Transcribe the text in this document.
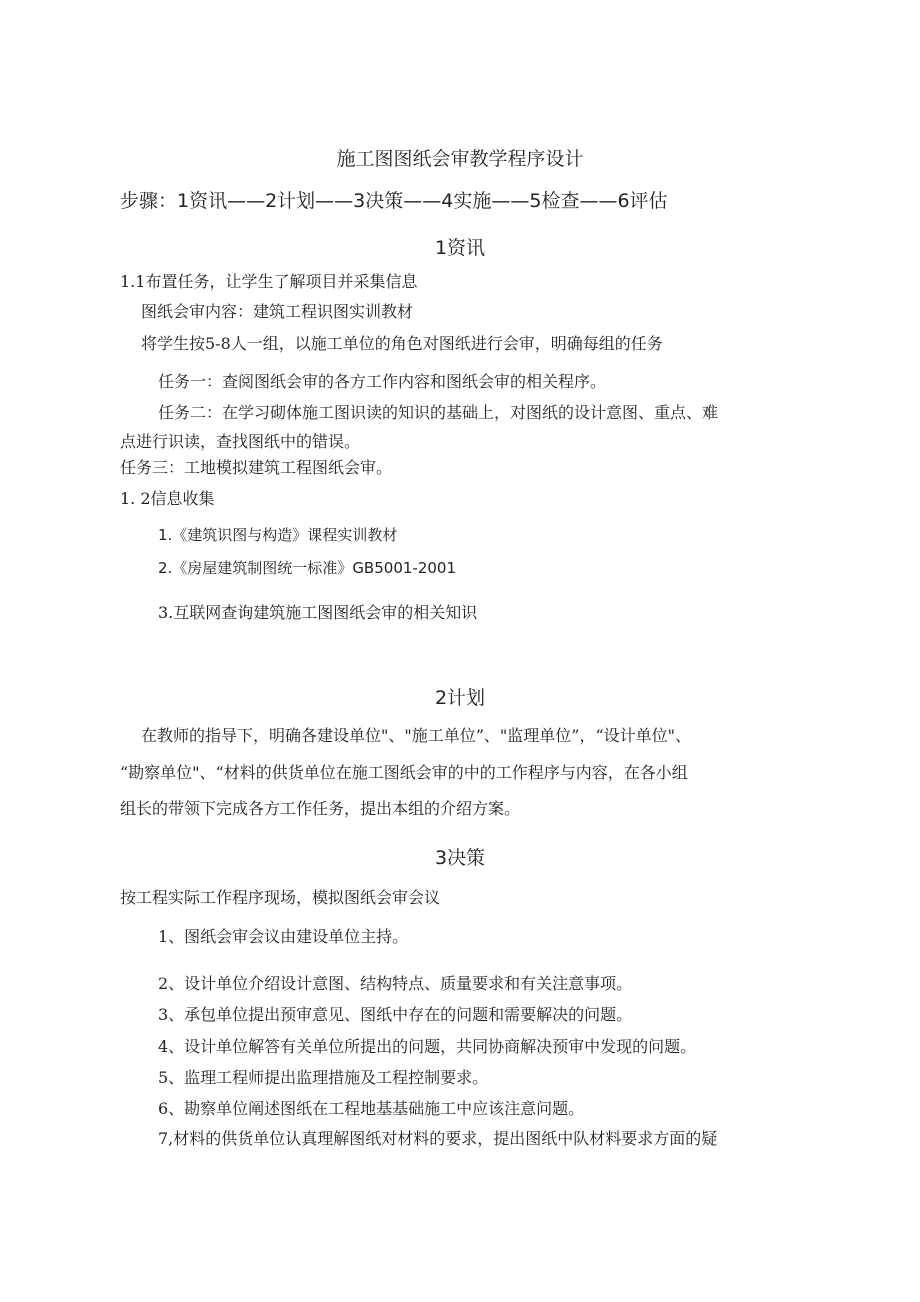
施工图图纸会审教学程序设计
步骤：1资讯——2计划——3决策——4实施——5检查——6评估
1资讯
1.1布置任务，让学生了解项目并采集信息
图纸会审内容：建筑工程识图实训教材
将学生按5-8人一组，以施工单位的角色对图纸进行会审，明确每组的任务
任务一：查阅图纸会审的各方工作内容和图纸会审的相关程序。
任务二：在学习砌体施工图识读的知识的基础上，对图纸的设计意图、重点、难
点进行识读，查找图纸中的错误。
任务三：工地模拟建筑工程图纸会审。
1. 2信息收集
1.《建筑识图与构造》课程实训教材
2.《房屋建筑制图统一标准》GB5001-2001
3.互联网查询建筑施工图图纸会审的相关知识
2计划
在教师的指导下，明确各建设单位"、"施工单位”、"监理单位”，“设计单位"、
“勘察单位"、“材料的供货单位在施工图纸会审的中的工作程序与内容，在各小组
组长的带领下完成各方工作任务，提出本组的介绍方案。
3决策
按工程实际工作程序现场，模拟图纸会审会议
1、图纸会审会议由建设单位主持。
2、设计单位介绍设计意图、结构特点、质量要求和有关注意事项。
3、承包单位提出预审意见、图纸中存在的问题和需要解决的问题。
4、设计单位解答有关单位所提出的问题，共同协商解决预审中发现的问题。
5、监理工程师提出监理措施及工程控制要求。
6、勘察单位阐述图纸在工程地基基础施工中应该注意问题。
7,材料的供货单位认真理解图纸对材料的要求，提出图纸中队材料要求方面的疑
